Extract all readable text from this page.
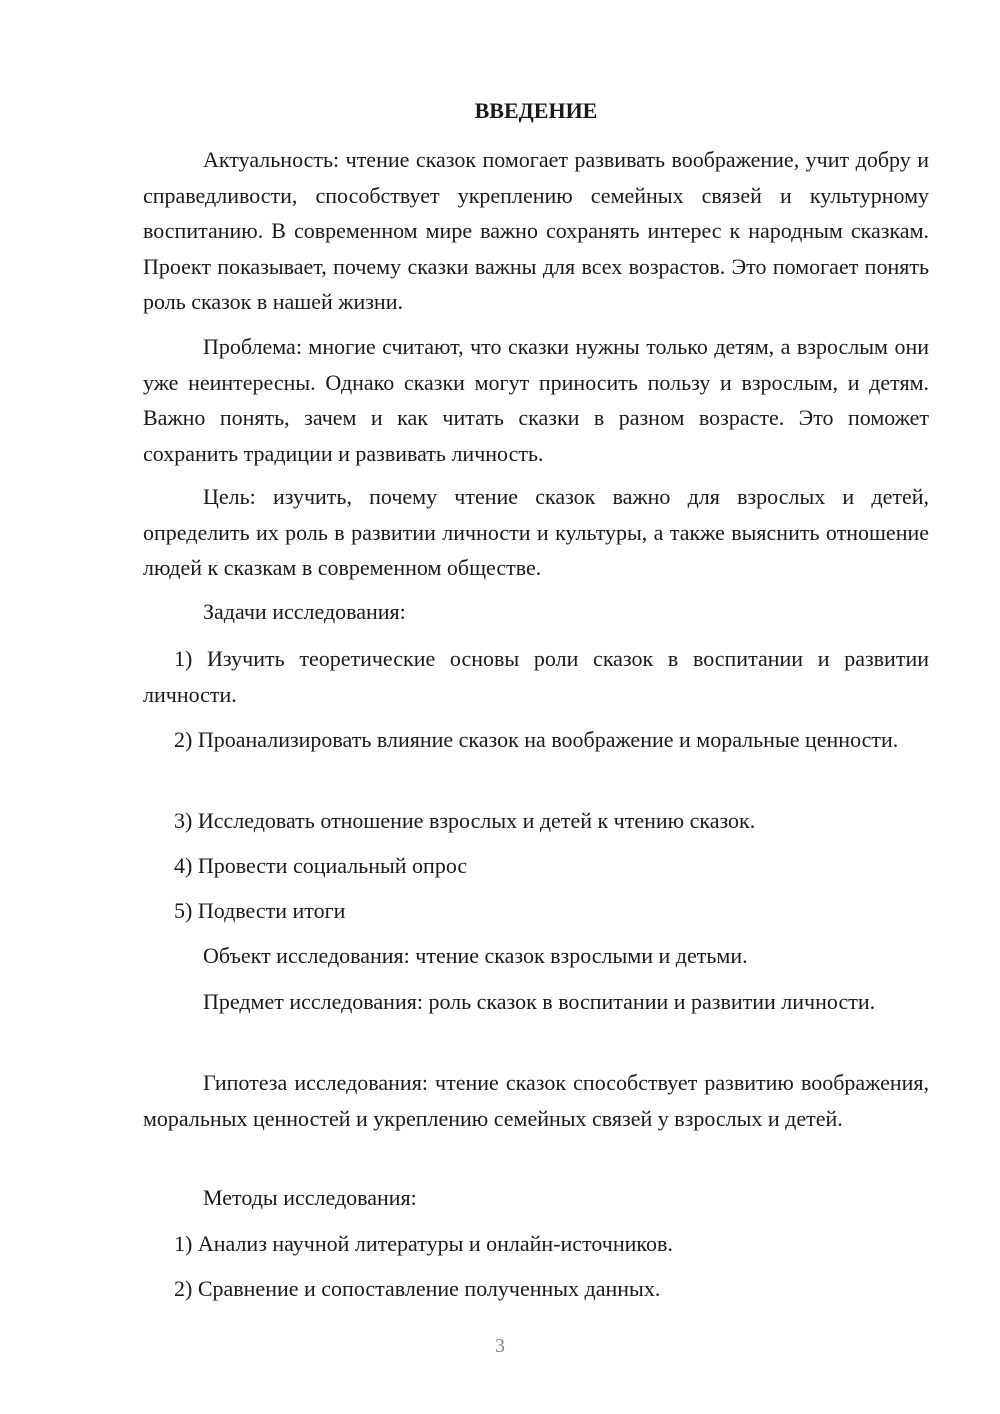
ВВЕДЕНИЕ

Актуальность: чтение сказок помогает развивать воображение, учит добру и справедливости, способствует укреплению семейных связей и культурному воспитанию. В современном мире важно сохранять интерес к народным сказкам. Проект показывает, почему сказки важны для всех возрастов. Это помогает понять роль сказок в нашей жизни.

Проблема: многие считают, что сказки нужны только детям, а взрослым они уже неинтересны. Однако сказки могут приносить пользу и взрослым, и детям. Важно понять, зачем и как читать сказки в разном возрасте. Это поможет сохранить традиции и развивать личность.

Цель: изучить, почему чтение сказок важно для взрослых и детей, определить их роль в развитии личности и культуры, а также выяснить отношение людей к сказкам в современном обществе.

Задачи исследования:

1) Изучить теоретические основы роли сказок в воспитании и развитии личности.

2) Проанализировать влияние сказок на воображение и моральные ценности.

3) Исследовать отношение взрослых и детей к чтению сказок.

4) Провести социальный опрос

5) Подвести итоги

Объект исследования: чтение сказок взрослыми и детьми.

Предмет исследования: роль сказок в воспитании и развитии личности.

Гипотеза исследования: чтение сказок способствует развитию воображения, моральных ценностей и укреплению семейных связей у взрослых и детей.

Методы исследования:

1) Анализ научной литературы и онлайн-источников.

2) Сравнение и сопоставление полученных данных.

3
